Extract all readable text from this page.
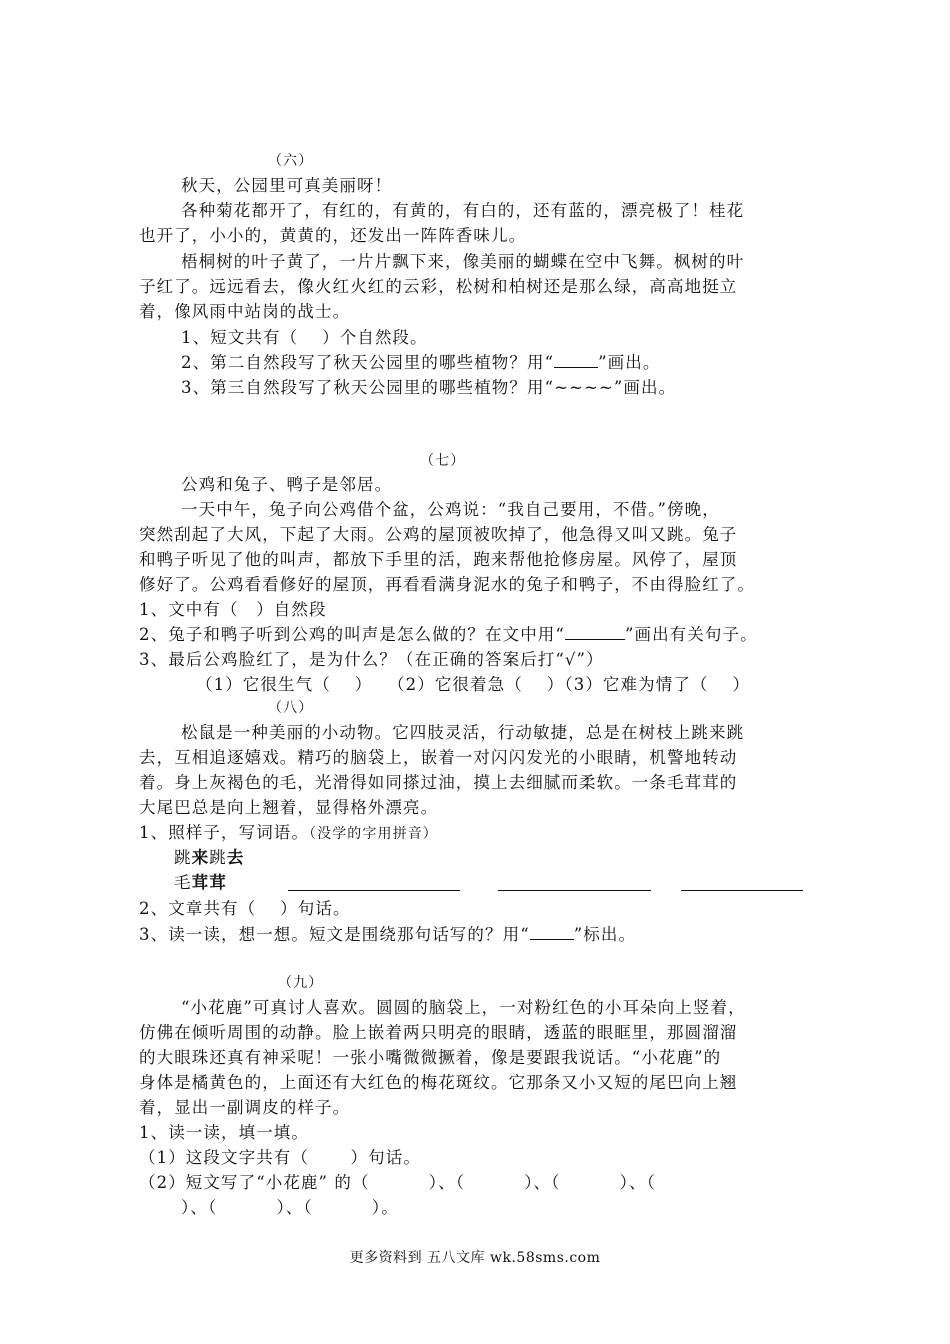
（六）
秋天，公园里可真美丽呀！
各种菊花都开了，有红的，有黄的，有白的，还有蓝的，漂亮极了！桂花
也开了，小小的，黄黄的，还发出一阵阵香味儿。
梧桐树的叶子黄了，一片片飘下来，像美丽的蝴蝶在空中飞舞。枫树的叶
子红了。远远看去，像火红火红的云彩，松树和柏树还是那么绿，高高地挺立
着，像风雨中站岗的战士。
1、短文共有（　 ）个自然段。
2、第二自然段写了秋天公园里的哪些植物？用“	”画出。
3、第三自然段写了秋天公园里的哪些植物？用“~~~~”画出。
（七）
公鸡和兔子、鸭子是邻居。
一天中午，兔子向公鸡借个盆，公鸡说：“我自己要用，不借。”傍晚，
突然刮起了大风，下起了大雨。公鸡的屋顶被吹掉了，他急得又叫又跳。兔子
和鸭子听见了他的叫声，都放下手里的活，跑来帮他抢修房屋。风停了，屋顶
修好了。公鸡看看修好的屋顶，再看看满身泥水的兔子和鸭子，不由得脸红了。
1、文中有（　）自然段
2、兔子和鸭子听到公鸡的叫声是怎么做的？在文中用“	”画出有关句子。
3、最后公鸡脸红了，是为什么？（在正确的答案后打“√”）
（1）它很生气（　 ）　 （2）它很着急（　 ）（3）它难为情了（　 ）
（八）
松鼠是一种美丽的小动物。它四肢灵活，行动敏捷，总是在树枝上跳来跳
去，互相追逐嬉戏。精巧的脑袋上，嵌着一对闪闪发光的小眼睛，机警地转动
着。身上灰褐色的毛，光滑得如同搽过油，摸上去细腻而柔软。一条毛茸茸的
大尾巴总是向上翘着，显得格外漂亮。
1、照样子，写词语。（没学的字用拼音）
跳来跳去
毛茸茸
2、文章共有（　 ）句话。
3、读一读，想一想。短文是围绕那句话写的？用“	”标出。
（九）
“小花鹿”可真讨人喜欢。圆圆的脑袋上，一对粉红色的小耳朵向上竖着，
仿佛在倾听周围的动静。脸上嵌着两只明亮的眼睛，透蓝的眼眶里，那圆溜溜
的大眼珠还真有神采呢！一张小嘴微微撅着，像是要跟我说话。“小花鹿”的
身体是橘黄色的，上面还有大红色的梅花斑纹。它那条又小又短的尾巴向上翘
着，显出一副调皮的样子。
1、读一读，填一填。
（1）这段文字共有（　　 ）句话。
（2）短文写了“小花鹿” 的（　　　 ）、（　　　 ）、（　　　 ）、（
）、（　　　 ）、（　　　 ）。
更多资料到 五八文库 wk.58sms.com
